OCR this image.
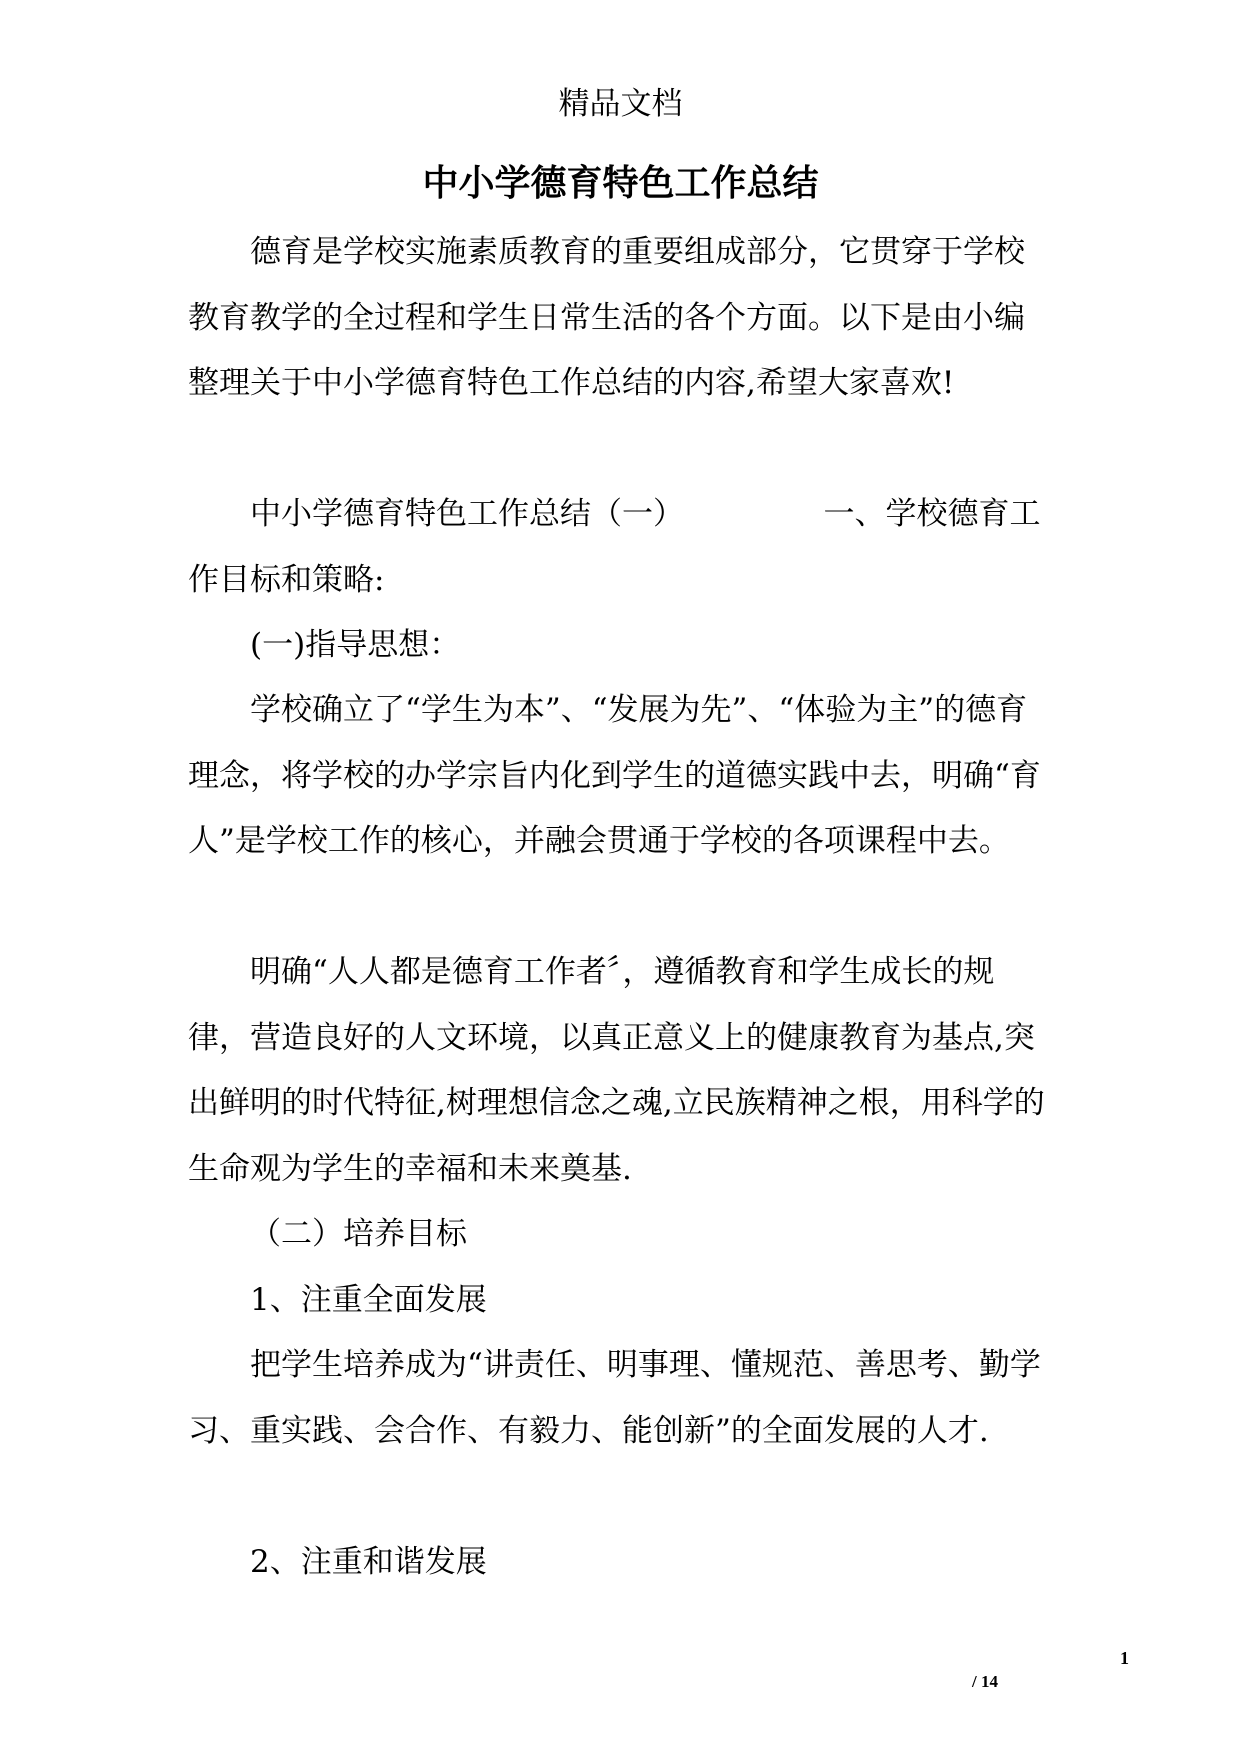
精品文档
中小学德育特色工作总结

德育是学校实施素质教育的重要组成部分，它贯穿于学校教育教学的全过程和学生日常生活的各个方面。以下是由小编整理关于中小学德育特色工作总结的内容,希望大家喜欢!

中小学德育特色工作总结（一）　　　　　一、学校德育工作目标和策略:

(一)指导思想：

学校确立了“学生为本”、“发展为先”、“体验为主”的德育理念，将学校的办学宗旨内化到学生的道德实践中去，明确“育人”是学校工作的核心，并融会贯通于学校的各项课程中去。

明确“人人都是德育工作者〞，遵循教育和学生成长的规律，营造良好的人文环境，以真正意义上的健康教育为基点,突出鲜明的时代特征,树理想信念之魂,立民族精神之根，用科学的生命观为学生的幸福和未来奠基.

（二）培养目标

1、注重全面发展

把学生培养成为“讲责任、明事理、懂规范、善思考、勤学习、重实践、会合作、有毅力、能创新”的全面发展的人才.

2、注重和谐发展

1
/ 14
